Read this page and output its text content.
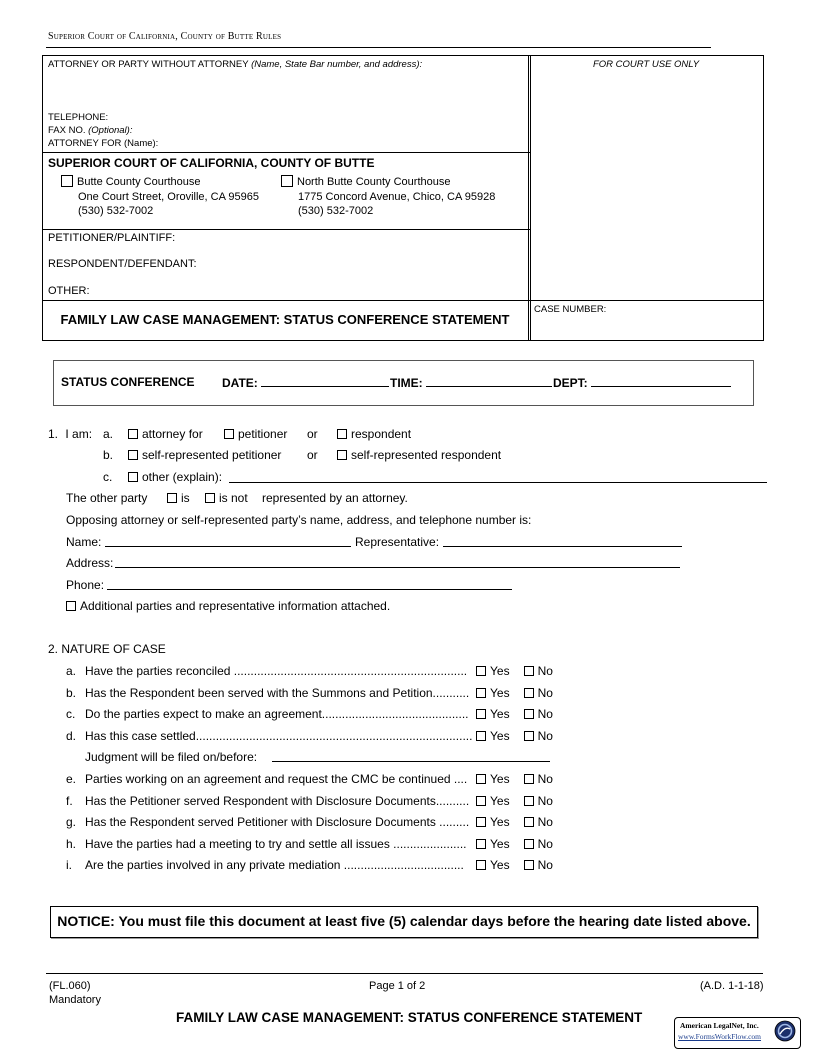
Superior Court of California, County of Butte Rules
ATTORNEY OR PARTY WITHOUT ATTORNEY (Name, State Bar number, and address):
TELEPHONE:
FAX NO. (Optional):
ATTORNEY FOR (Name):
FOR COURT USE ONLY
SUPERIOR COURT OF CALIFORNIA, COUNTY OF BUTTE
Butte County Courthouse
One Court Street, Oroville, CA 95965
(530) 532-7002
North Butte County Courthouse
1775 Concord Avenue, Chico, CA 95928
(530) 532-7002
PETITIONER/PLAINTIFF:
RESPONDENT/DEFENDANT:
OTHER:
FAMILY LAW CASE MANAGEMENT: STATUS CONFERENCE STATEMENT
CASE NUMBER:
STATUS CONFERENCE DATE:	TIME:	DEPT:
1. I am: a.	attorney for	petitioner or	respondent
b.	self-represented petitioner or	self-represented respondent
c.	other (explain):
The other party	is	is not represented by an attorney.
Opposing attorney or self-represented party’s name, address, and telephone number is:
Name:	Representative:
Address:
Phone:
Additional parties and representative information attached.
2. NATURE OF CASE
a. Have the parties reconciled ......................................................................	Yes No
b. Has the Respondent been served with the Summons and Petition...........	Yes No
c. Do the parties expect to make an agreement............................................	Yes No
d. Has this case settled...................................................................................	Yes No
Judgment will be filed on/before:
e. Parties working on an agreement and request the CMC be continued ....	Yes No
f. Has the Petitioner served Respondent with Disclosure Documents..........	Yes No
g. Has the Respondent served Petitioner with Disclosure Documents .........	Yes No
h. Have the parties had a meeting to try and settle all issues ......................	Yes No
i. Are the parties involved in any private mediation ....................................	Yes No
NOTICE: You must file this document at least five (5) calendar days before the hearing date listed above.
(FL.060)
Mandatory
Page 1 of 2	(A.D. 1-1-18)
FAMILY LAW CASE MANAGEMENT: STATUS CONFERENCE STATEMENT
American LegalNet, Inc.
www.FormsWorkFlow.com
